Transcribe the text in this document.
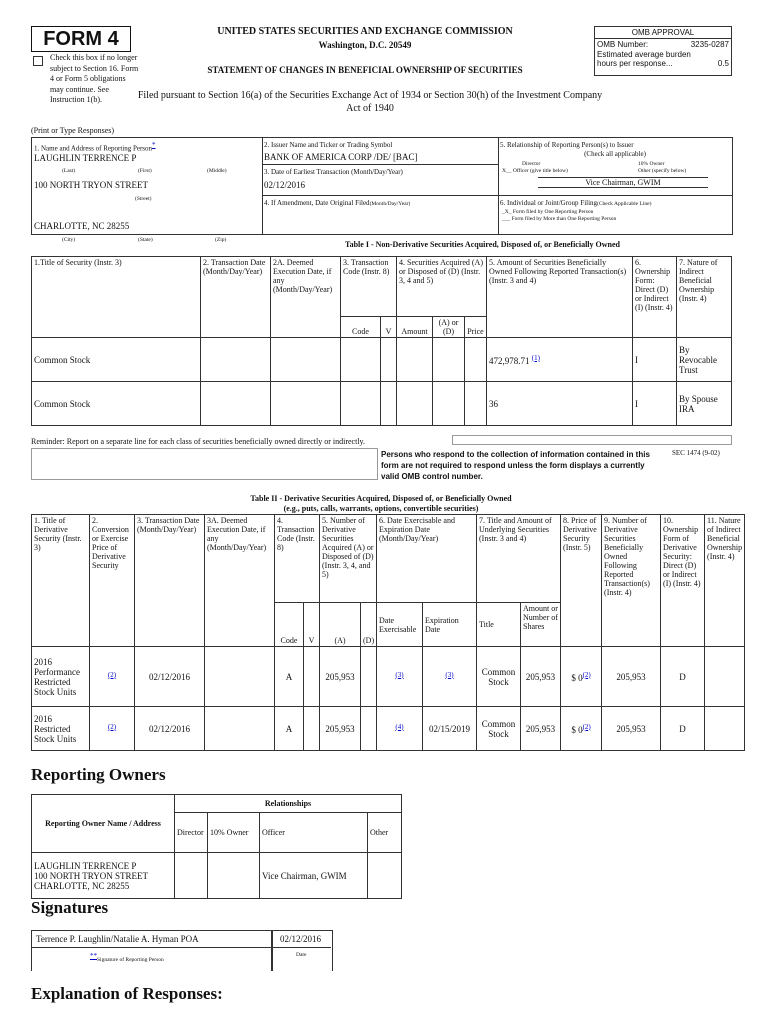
FORM 4
Check this box if no longer subject to Section 16. Form 4 or Form 5 obligations may continue. See Instruction 1(b).
UNITED STATES SECURITIES AND EXCHANGE COMMISSION
Washington, D.C. 20549
STATEMENT OF CHANGES IN BENEFICIAL OWNERSHIP OF SECURITIES
Filed pursuant to Section 16(a) of the Securities Exchange Act of 1934 or Section 30(h) of the Investment Company Act of 1940
OMB APPROVAL
OMB Number:	3235-0287
Estimated average burden
hours per response...	0.5
(Print or Type Responses)
1. Name and Address of Reporting Person*
LAUGHLIN TERRENCE P
(Last)	(First)	(Middle)
100 NORTH TRYON STREET
(Street)
CHARLOTTE, NC 28255
2. Issuer Name and Ticker or Trading Symbol
BANK OF AMERICA CORP /DE/ [BAC]
3. Date of Earliest Transaction (Month/Day/Year)
02/12/2016
4. If Amendment, Date Original Filed(Month/Day/Year)
5. Relationship of Reporting Person(s) to Issuer
(Check all applicable)
Director	10% Owner
X__ Officer (give title below)	Other (specify below)
Vice Chairman, GWIM
6. Individual or Joint/Group Filing(Check Applicable Line)
_X_ Form filed by One Reporting Person
___ Form filed by More than One Reporting Person
(City)	(State)	(Zip)	Table I - Non-Derivative Securities Acquired, Disposed of, or Beneficially Owned
1.Title of Security (Instr. 3)	2. Transaction Date (Month/Day/Year)	2A. Deemed Execution Date, if any (Month/Day/Year)	3. Transaction Code (Instr. 8)		4. Securities Acquired (A) or Disposed of (D) (Instr. 3, 4 and 5)			5. Amount of Securities Beneficially Owned Following Reported Transaction(s) (Instr. 3 and 4)	6. Ownership Form: Direct (D) or Indirect (I) (Instr. 4)	7. Nature of Indirect Beneficial Ownership (Instr. 4)
			Code	V	Amount	(A) or (D)	Price			
Common Stock								472,978.71 $^{(1)}$	I	By Revocable Trust
Common Stock								36	I	By Spouse IRA
Reminder: Report on a separate line for each class of securities beneficially owned directly or indirectly.
Persons who respond to the collection of information contained in this form are not required to respond unless the form displays a currently valid OMB control number.
SEC 1474 (9-02)
Table II - Derivative Securities Acquired, Disposed of, or Beneficially Owned
(e.g., puts, calls, warrants, options, convertible securities)
1. Title of Derivative Security (Instr. 3)	2. Conversion or Exercise Price of Derivative Security	3. Transaction Date (Month/Day/Year)	3A. Deemed Execution Date, if any (Month/Day/Year)	4. Transaction Code (Instr. 8)		5. Number of Derivative Securities Acquired (A) or Disposed of (D) (Instr. 3, 4, and 5)		6. Date Exercisable and Expiration Date (Month/Day/Year)		7. Title and Amount of Underlying Securities (Instr. 3 and 4)		8. Price of Derivative Security (Instr. 5)	9. Number of Derivative Securities Beneficially Owned Following Reported Transaction(s) (Instr. 4)	10. Ownership Form of Derivative Security: Direct (D) or Indirect (I) (Instr. 4)	11. Nature of Indirect Beneficial Ownership (Instr. 4)
				Code	V	(A)	(D)	Date Exercisable	Expiration Date	Title	Amount or Number of Shares				
2016 Performance Restricted Stock Units	$^{(2)}$	02/12/2016		A		205,953		$^{(3)}$	$^{(3)}$	Common Stock	205,953	$ 0$^{(2)}$	205,953	D	
2016 Restricted Stock Units	$^{(2)}$	02/12/2016		A		205,953		$^{(4)}$	02/15/2019	Common Stock	205,953	$ 0$^{(2)}$	205,953	D	
Reporting Owners
Reporting Owner Name / Address	Relationships			
	Director	10% Owner	Officer	Other

LAUGHLIN TERRENCE P
100 NORTH TRYON STREET
CHARLOTTE, NC 28255			Vice Chairman, GWIM	
Signatures
Terrence P. Laughlin/Natalie A. Hyman POA
**Signature of Reporting Person
02/12/2016
Date
Explanation of Responses:
